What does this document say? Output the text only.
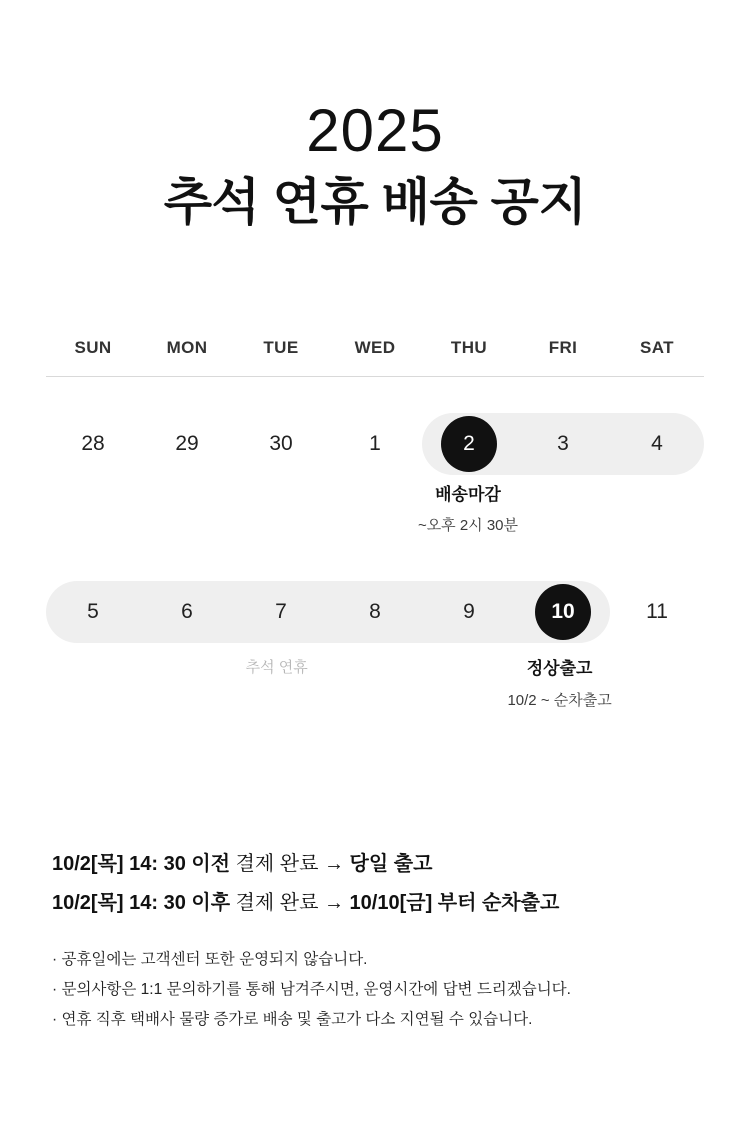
2025
추석 연휴 배송 공지
SUN	MON	TUE	WED	THU	FRI	SAT
28	29	30	1	2	3	4
배송마감
~오후 2시 30분
5	6	7	8	9	10	11
추석 연휴	정상출고
10/2 ~ 순차출고
10/2[목] 14: 30 이전 결제 완료 → 당일 출고
10/2[목] 14: 30 이후 결제 완료 → 10/10[금] 부터 순차출고
· 공휴일에는 고객센터 또한 운영되지 않습니다.
· 문의사항은 1:1 문의하기를 통해 남겨주시면, 운영시간에 답변 드리겠습니다.
· 연휴 직후 택배사 물량 증가로 배송 및 출고가 다소 지연될 수 있습니다.
